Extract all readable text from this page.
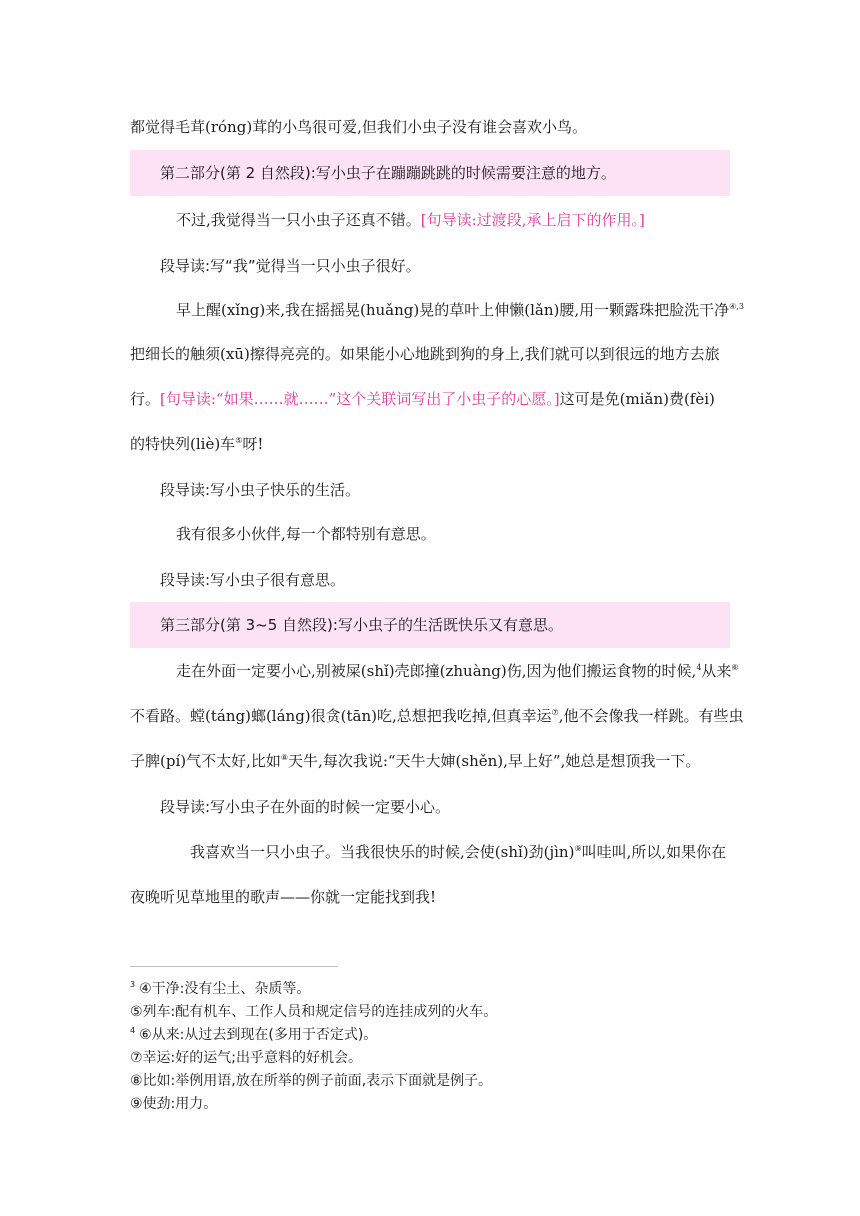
都觉得毛茸(róng)茸的小鸟很可爱,但我们小虫子没有谁会喜欢小鸟。
第二部分(第 2 自然段):写小虫子在蹦蹦跳跳的时候需要注意的地方。
不过,我觉得当一只小虫子还真不错。[句导读:过渡段,承上启下的作用。]
段导读:写“我”觉得当一只小虫子很好。
早上醒(xǐng)来,我在摇摇晃(huǎng)晃的草叶上伸懒(lǎn)腰,用一颗露珠把脸洗干净$^{④,3}$
把细长的触须(xū)擦得亮亮的。如果能小心地跳到狗的身上,我们就可以到很远的地方去旅
行。[句导读:“如果……就……”这个关联词写出了小虫子的心愿。]这可是免(miǎn)费(fèi)
的特快列(liè)车⑤呀!
段导读:写小虫子快乐的生活。
我有很多小伙伴,每一个都特别有意思。
段导读:写小虫子很有意思。
第三部分(第 3~5 自然段):写小虫子的生活既快乐又有意思。
走在外面一定要小心,别被屎(shǐ)壳郎撞(zhuàng)伤,因为他们搬运食物的时候,$^4$从来⑥
不看路。螳(táng)螂(láng)很贪(tān)吃,总想把我吃掉,但真幸运⑦,他不会像我一样跳。有些虫
子脾(pí)气不太好,比如⑧天牛,每次我说:“天牛大婶(shěn),早上好”,她总是想顶我一下。
段导读:写小虫子在外面的时候一定要小心。
我喜欢当一只小虫子。当我很快乐的时候,会使(shǐ)劲(jìn)⑨叫哇叫,所以,如果你在
夜晚听见草地里的歌声——你就一定能找到我!
$^3$ ④干净:没有尘土、杂质等。
⑤列车:配有机车、工作人员和规定信号的连挂成列的火车。
$^4$ ⑥从来:从过去到现在(多用于否定式)。
⑦幸运:好的运气;出乎意料的好机会。
⑧比如:举例用语,放在所举的例子前面,表示下面就是例子。
⑨使劲:用力。
